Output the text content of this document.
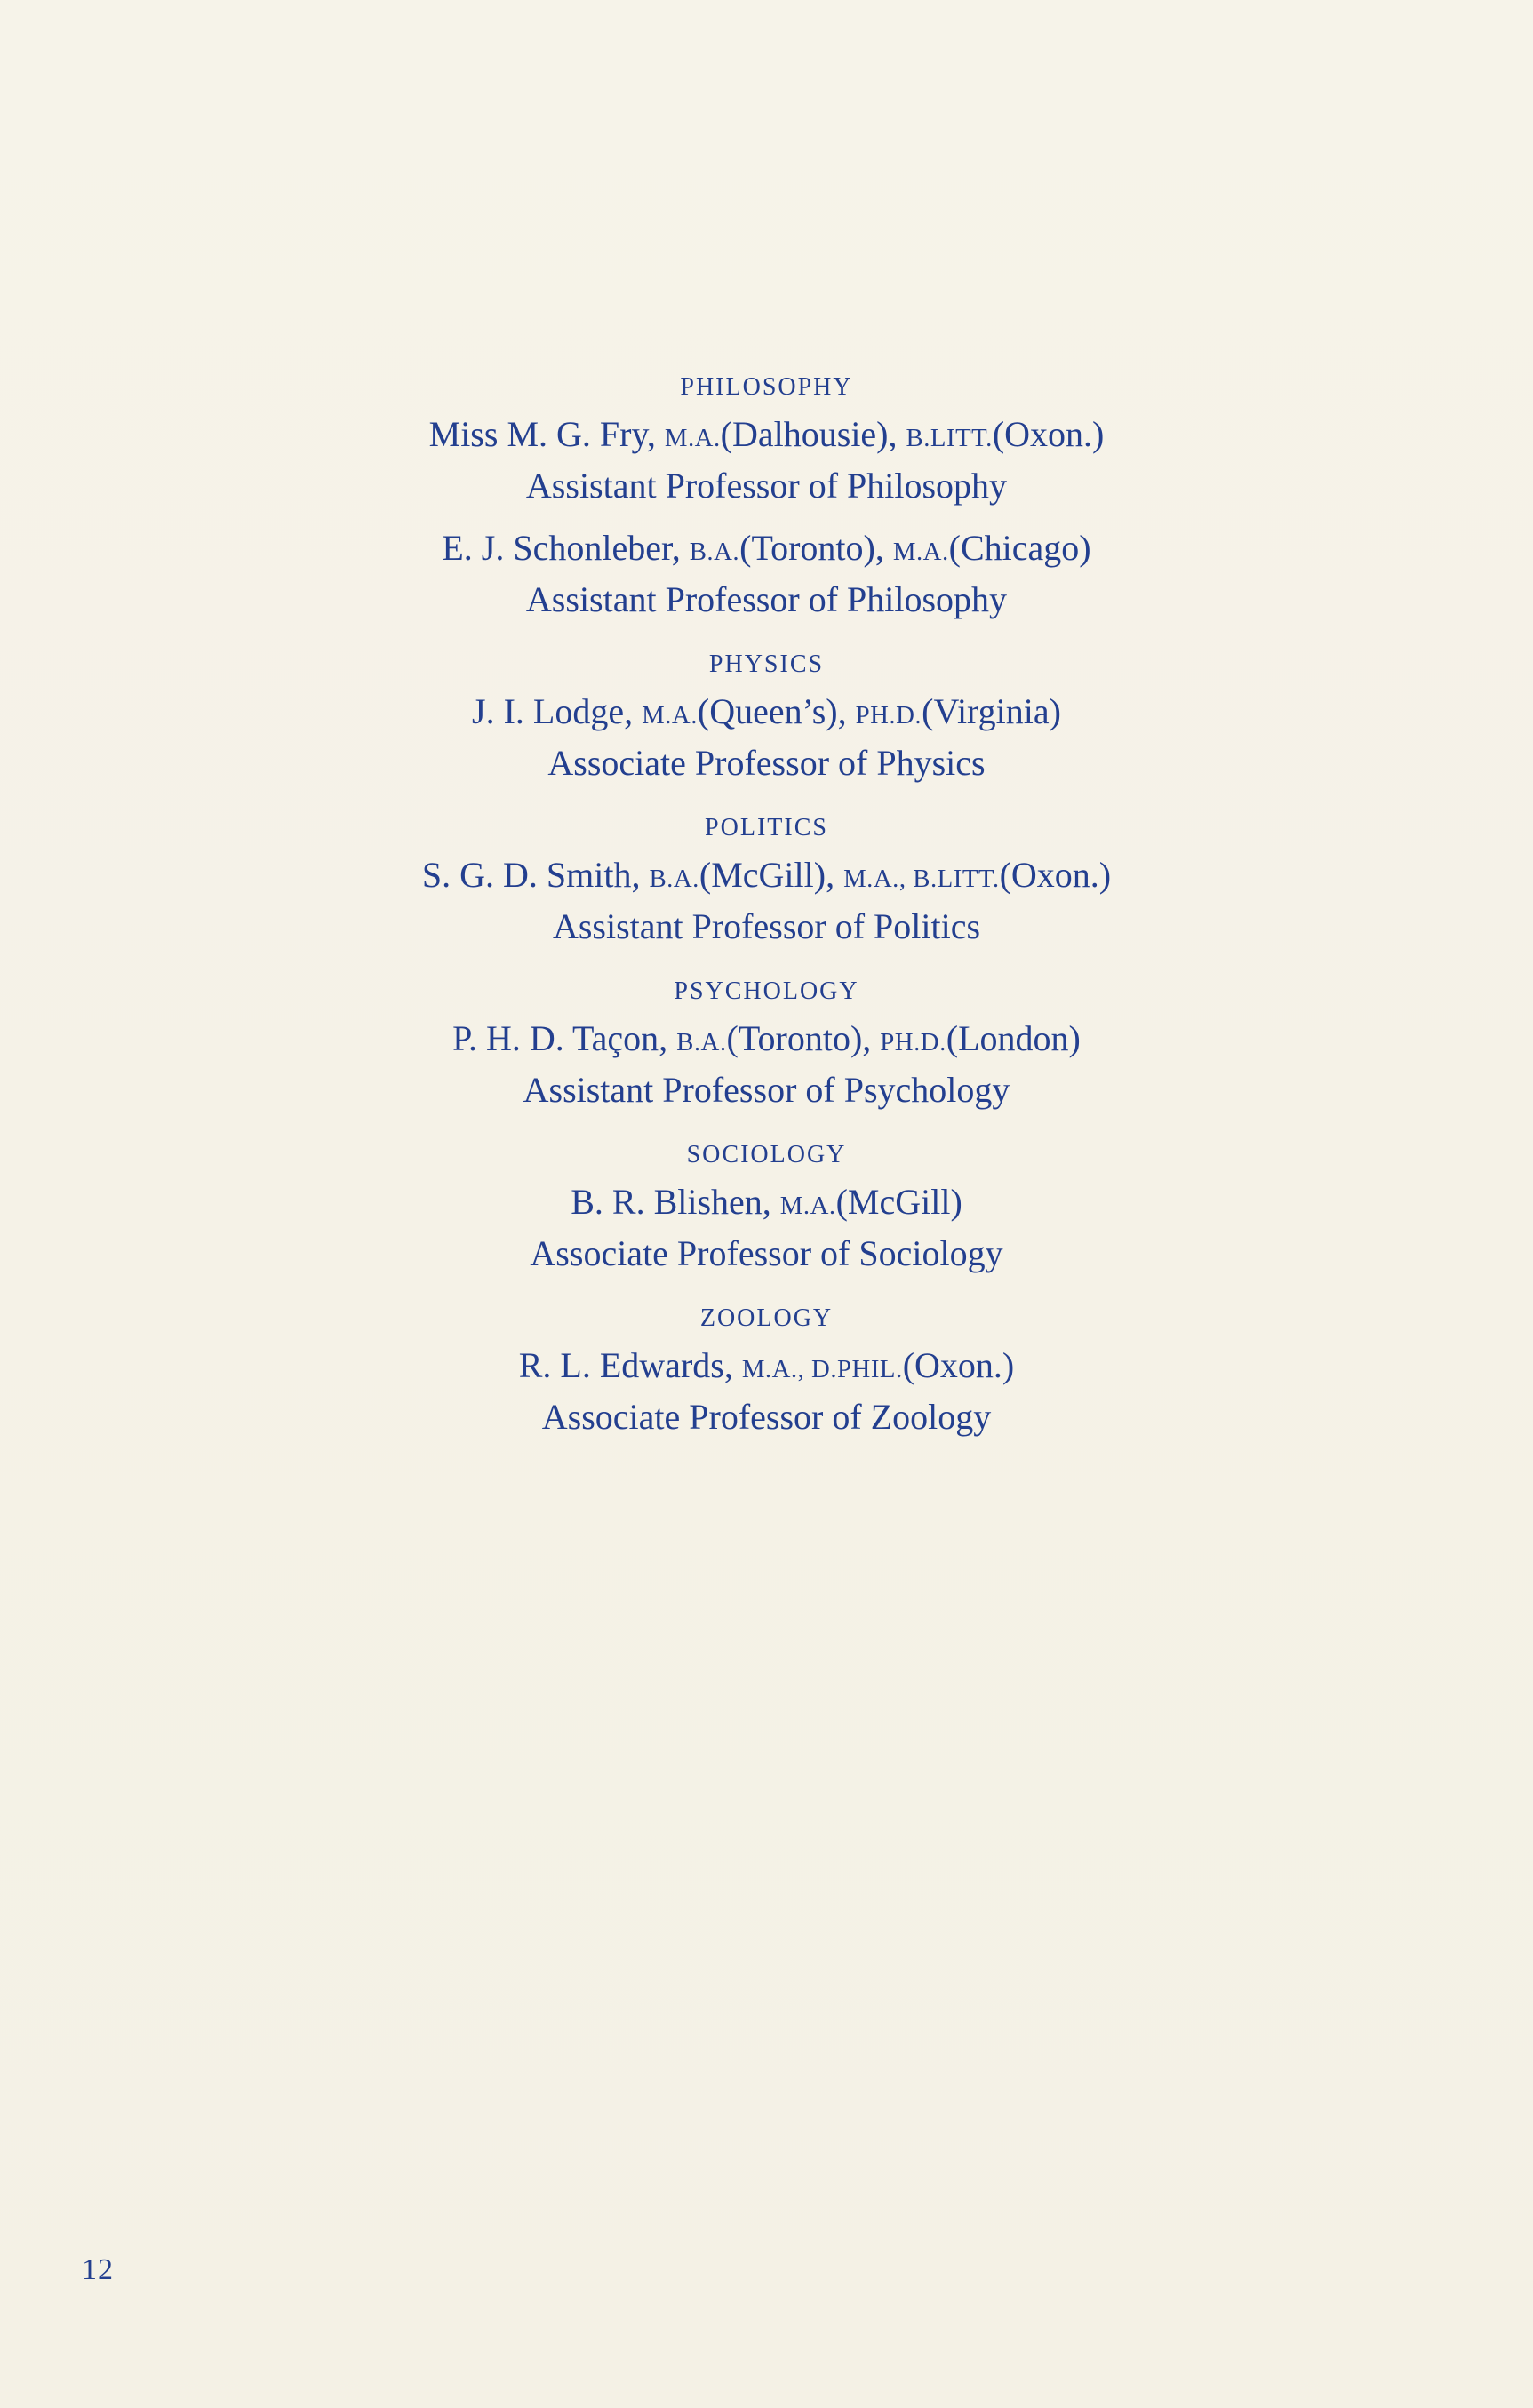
PHILOSOPHY
Miss M. G. Fry, M.A.(Dalhousie), B.LITT.(Oxon.)
Assistant Professor of Philosophy
E. J. Schonleber, B.A.(Toronto), M.A.(Chicago)
Assistant Professor of Philosophy
PHYSICS
J. I. Lodge, M.A.(Queen’s), PH.D.(Virginia)
Associate Professor of Physics
POLITICS
S. G. D. Smith, B.A.(McGill), M.A., B.LITT.(Oxon.)
Assistant Professor of Politics
PSYCHOLOGY
P. H. D. Taçon, B.A.(Toronto), PH.D.(London)
Assistant Professor of Psychology
SOCIOLOGY
B. R. Blishen, M.A.(McGill)
Associate Professor of Sociology
ZOOLOGY
R. L. Edwards, M.A., D.PHIL.(Oxon.)
Associate Professor of Zoology
12
